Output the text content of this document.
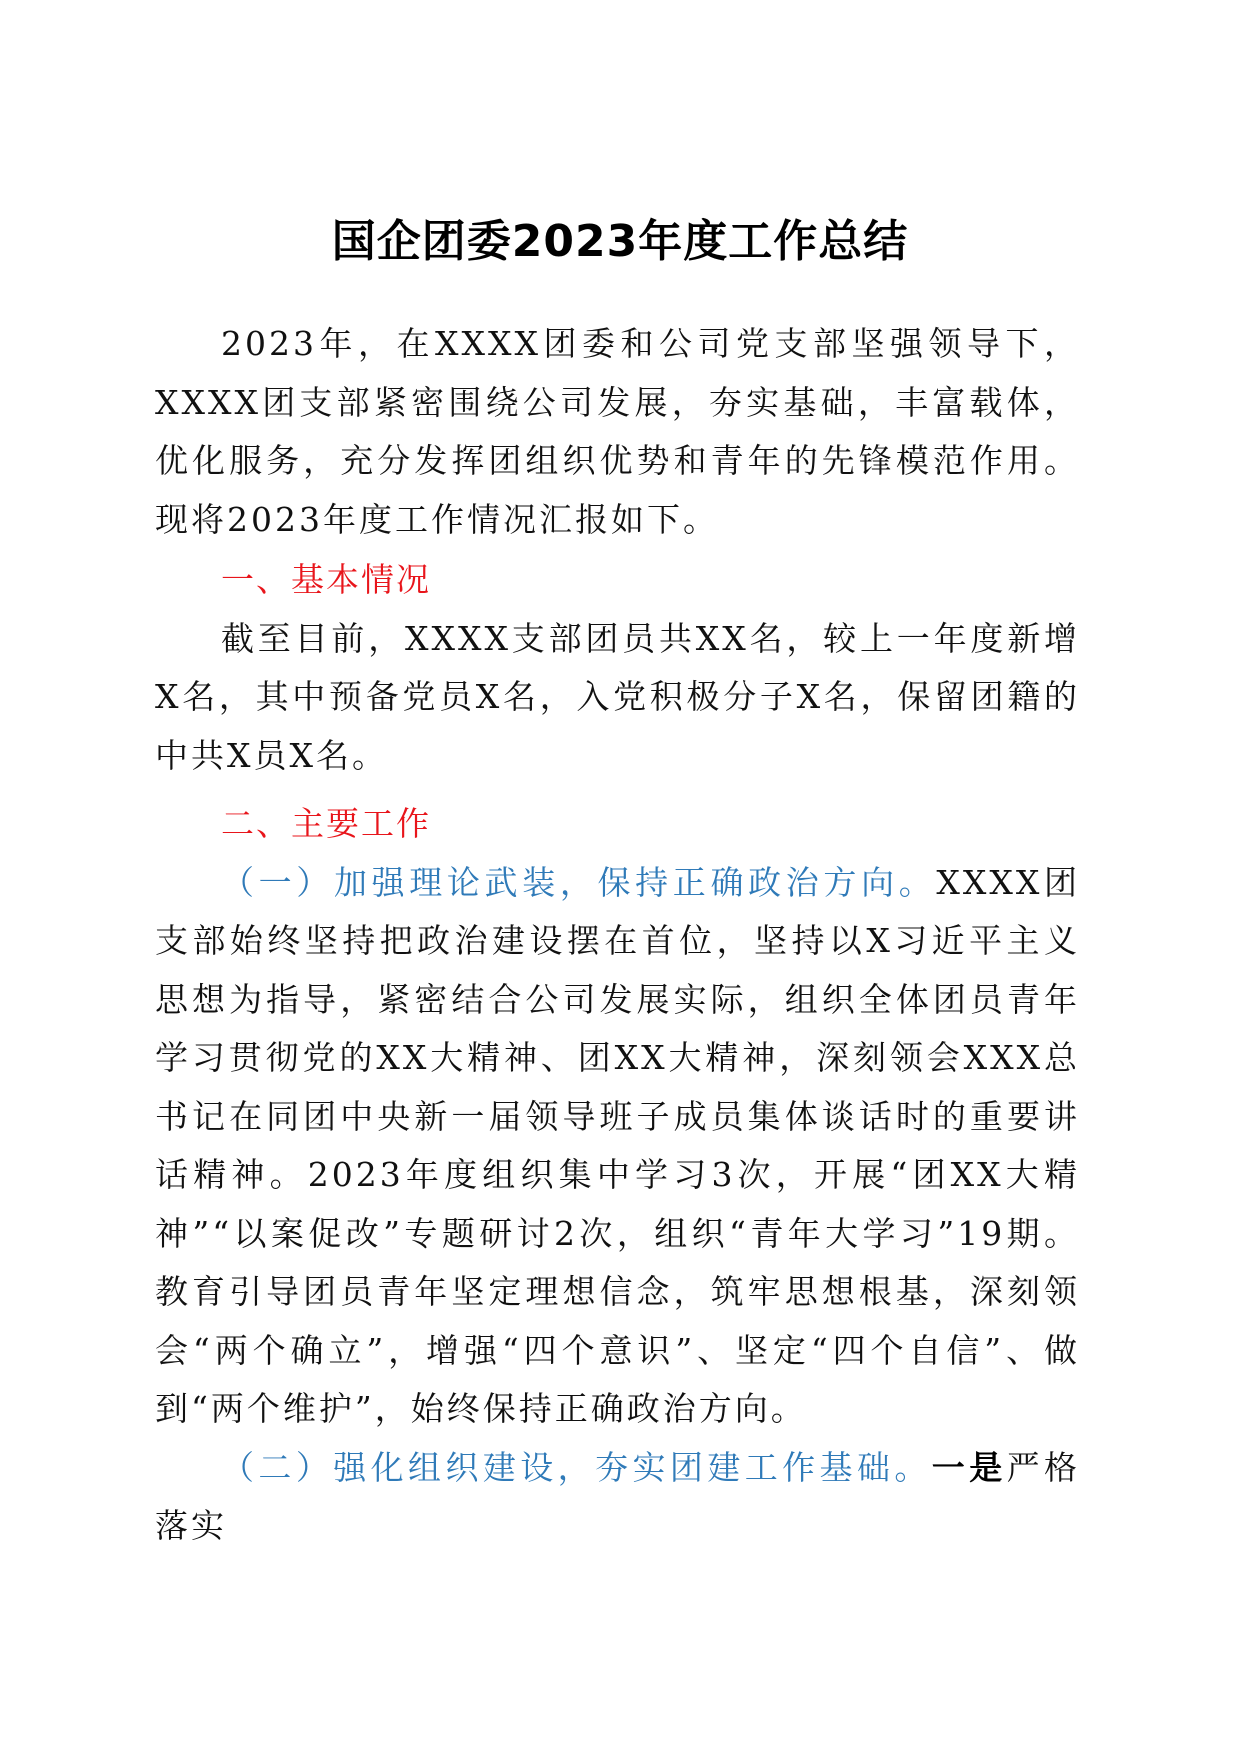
国企团委2023年度工作总结

2023年，在XXXX团委和公司党支部坚强领导下，XXXX团支部紧密围绕公司发展，夯实基础，丰富载体，优化服务，充分发挥团组织优势和青年的先锋模范作用。现将2023年度工作情况汇报如下。

一、基本情况

截至目前，XXXX支部团员共XX名，较上一年度新增X名，其中预备党员X名，入党积极分子X名，保留团籍的中共X员X名。

二、主要工作

（一）加强理论武装，保持正确政治方向。XXXX团支部始终坚持把政治建设摆在首位，坚持以X习近平主义思想为指导，紧密结合公司发展实际，组织全体团员青年学习贯彻党的XX大精神、团XX大精神，深刻领会XXX总书记在同团中央新一届领导班子成员集体谈话时的重要讲话精神。2023年度组织集中学习3次，开展“团XX大精神”“以案促改”专题研讨2次，组织“青年大学习”19期。教育引导团员青年坚定理想信念，筑牢思想根基，深刻领会“两个确立”，增强“四个意识”、坚定“四个自信”、做到“两个维护”，始终保持正确政治方向。

（二）强化组织建设，夯实团建工作基础。一是严格落实
